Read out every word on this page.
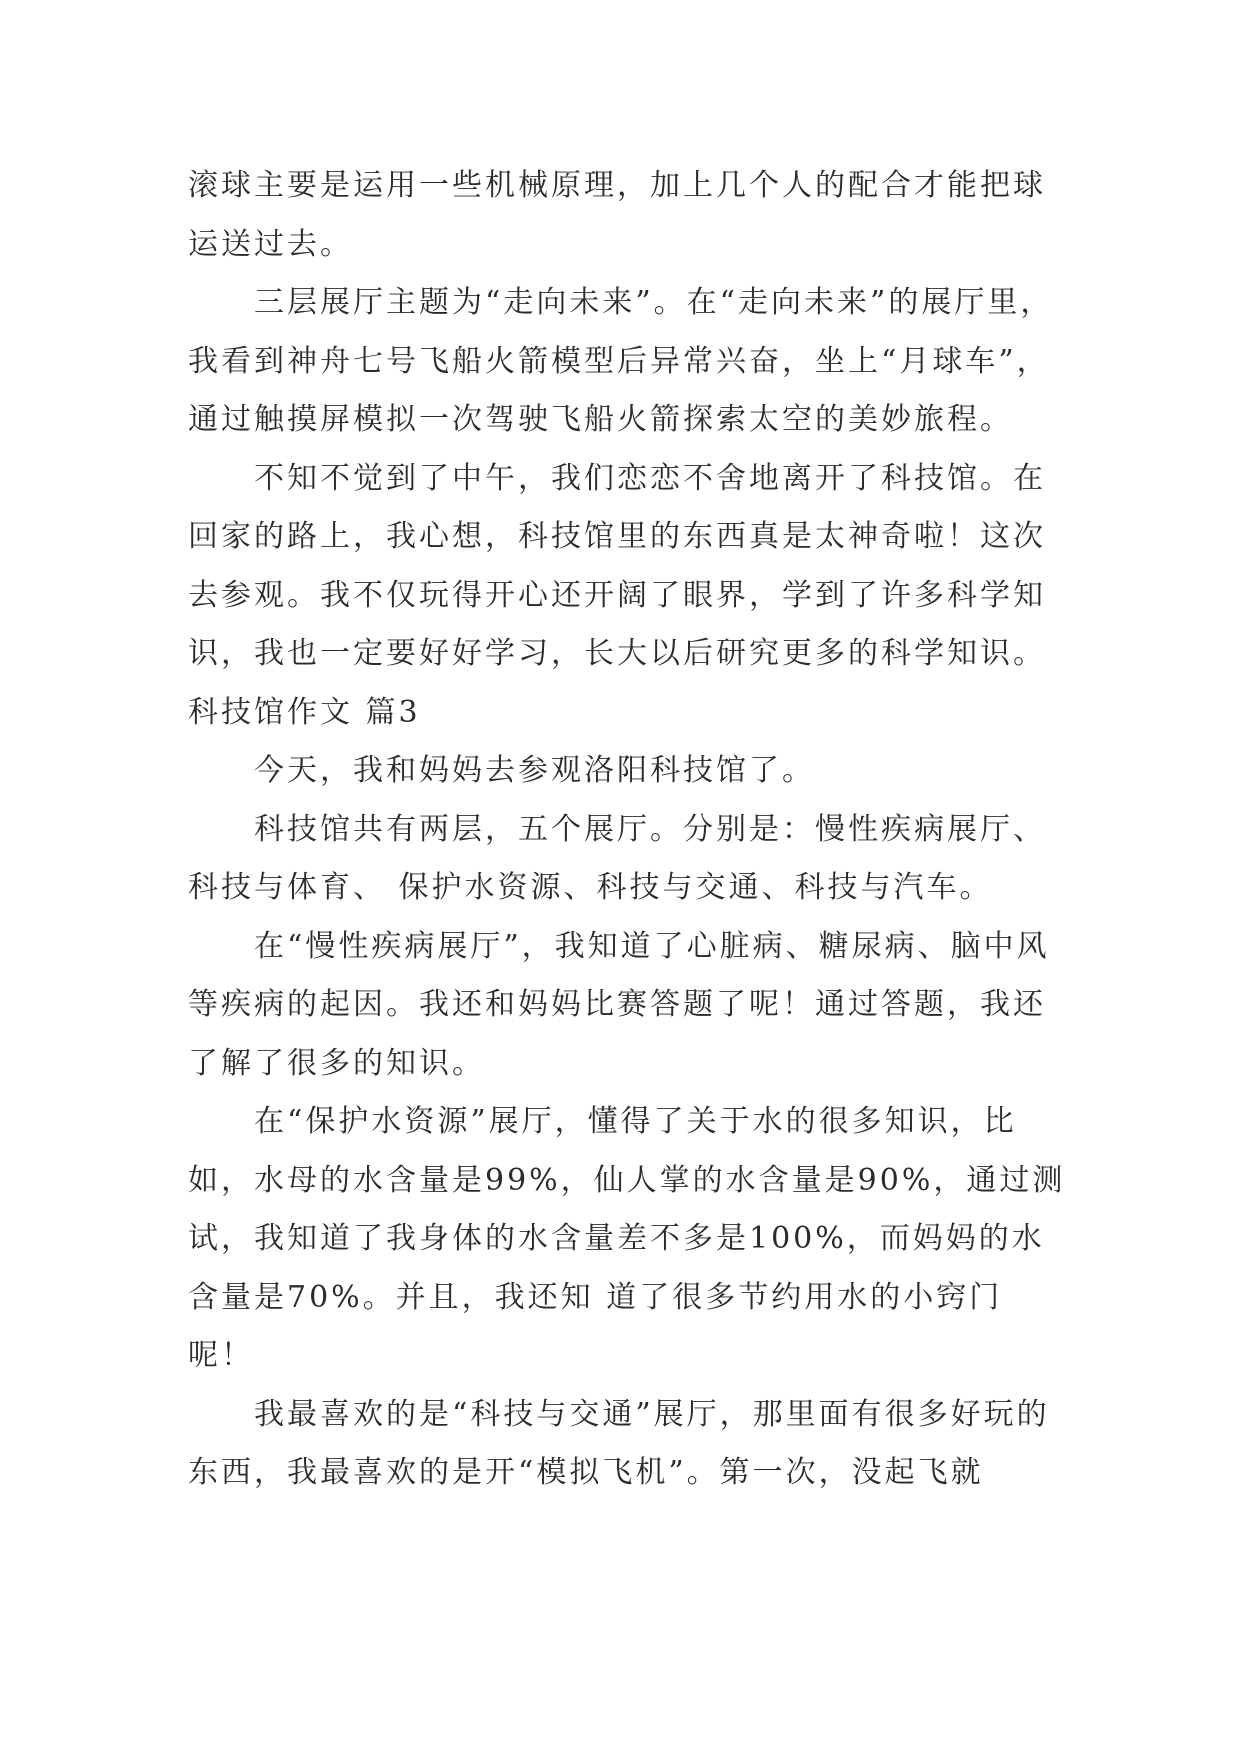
滚球主要是运用一些机械原理，加上几个人的配合才能把球运送过去。

三层展厅主题为“走向未来”。在“走向未来”的展厅里，我看到神舟七号飞船火箭模型后异常兴奋，坐上“月球车”，通过触摸屏模拟一次驾驶飞船火箭探索太空的美妙旅程。

不知不觉到了中午，我们恋恋不舍地离开了科技馆。在回家的路上，我心想，科技馆里的东西真是太神奇啦！这次去参观。我不仅玩得开心还开阔了眼界，学到了许多科学知识，我也一定要好好学习，长大以后研究更多的科学知识。

科技馆作文 篇3

今天，我和妈妈去参观洛阳科技馆了。

科技馆共有两层，五个展厅。分别是：慢性疾病展厅、科技与体育、 保护水资源、科技与交通、科技与汽车。

在“慢性疾病展厅”，我知道了心脏病、糖尿病、脑中风等疾病的起因。我还和妈妈比赛答题了呢！通过答题，我还了解了很多的知识。

在“保护水资源”展厅，懂得了关于水的很多知识，比如，水母的水含量是99%，仙人掌的水含量是90%，通过测试，我知道了我身体的水含量差不多是100%，而妈妈的水含量是70%。并且，我还知 道了很多节约用水的小窍门呢！

我最喜欢的是“科技与交通”展厅，那里面有很多好玩的东西，我最喜欢的是开“模拟飞机”。第一次，没起飞就
